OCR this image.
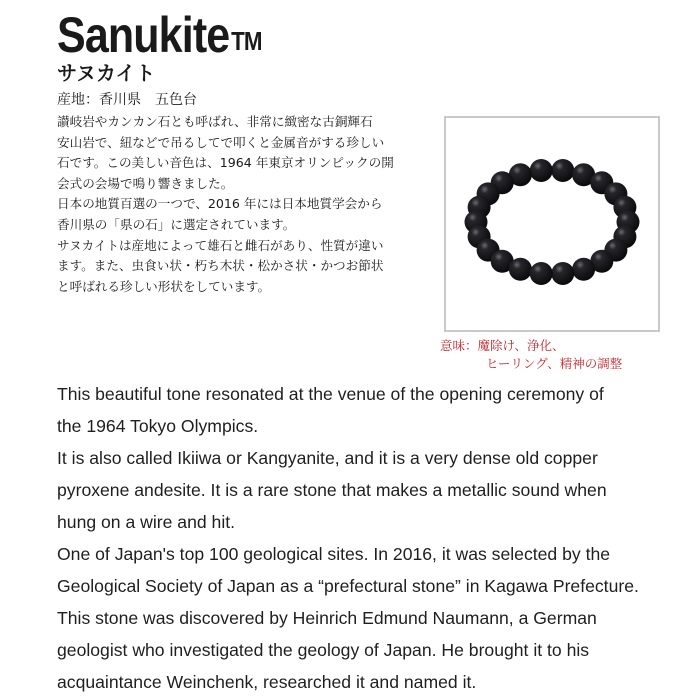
Sanukite™
サヌカイト
産地：香川県　五色台
讃岐岩やカンカン石とも呼ばれ、非常に緻密な古銅輝石
安山岩で、紐などで吊るしてで叩くと金属音がする珍しい
石です。この美しい音色は、1964 年東京オリンピックの開
会式の会場で鳴り響きました。
日本の地質百選の一つで、2016 年には日本地質学会から
香川県の「県の石」に選定されています。
サヌカイトは産地によって雄石と雌石があり、性質が違い
ます。また、虫食い状・朽ち木状・松かさ状・かつお節状
と呼ばれる珍しい形状をしています。
意味：魔除け、浄化、
ヒーリング、精神の調整
This beautiful tone resonated at the venue of the opening ceremony of
the 1964 Tokyo Olympics.
It is also called Ikiiwa or Kangyanite, and it is a very dense old copper
pyroxene andesite. It is a rare stone that makes a metallic sound when
hung on a wire and hit.
One of Japan's top 100 geological sites. In 2016, it was selected by the
Geological Society of Japan as a “prefectural stone” in Kagawa Prefecture.
This stone was discovered by Heinrich Edmund Naumann, a German
geologist who investigated the geology of Japan. He brought it to his
acquaintance Weinchenk, researched it and named it.
